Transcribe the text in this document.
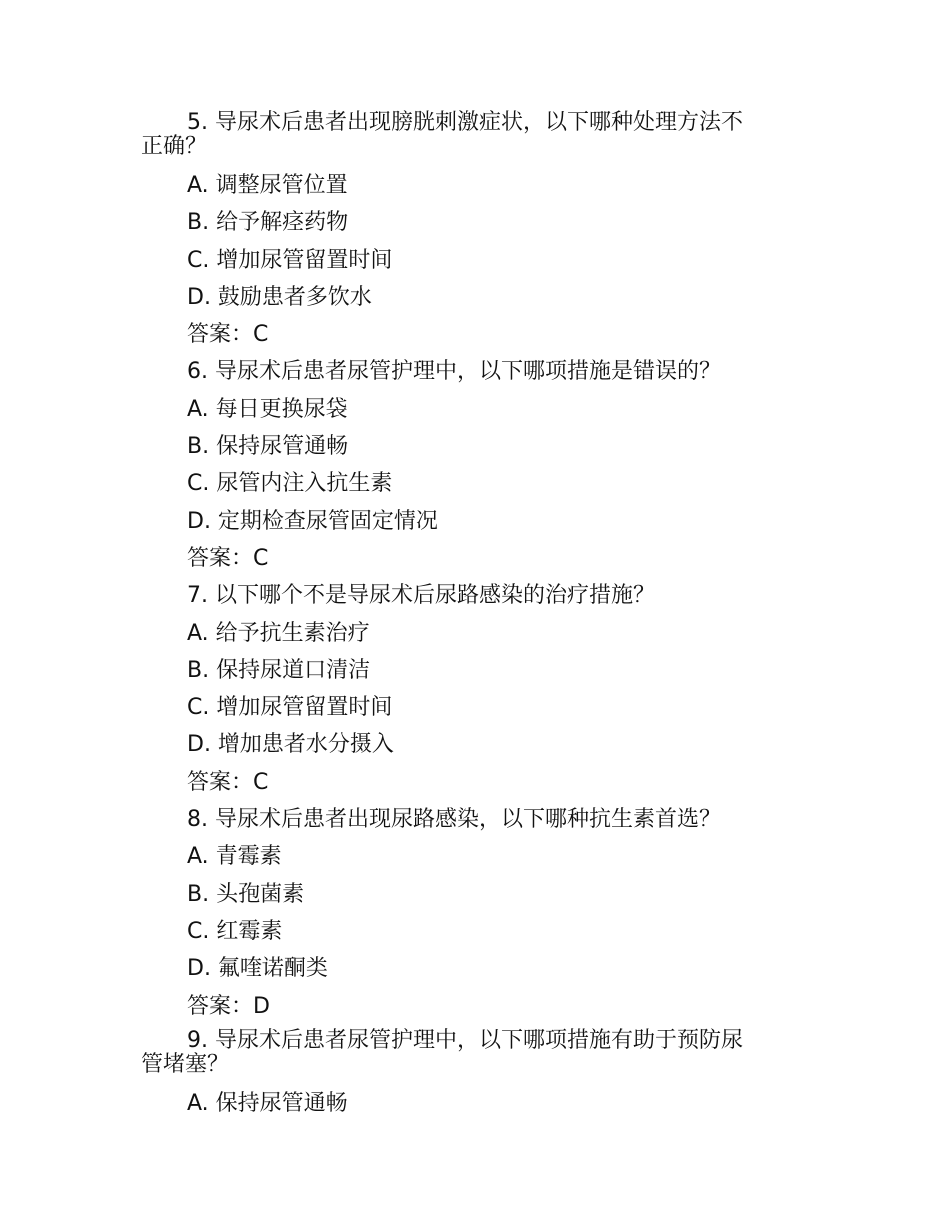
5. 导尿术后患者出现膀胱刺激症状，以下哪种处理方法不
正确？
A. 调整尿管位置
B. 给予解痉药物
C. 增加尿管留置时间
D. 鼓励患者多饮水
答案：C
6. 导尿术后患者尿管护理中，以下哪项措施是错误的？
A. 每日更换尿袋
B. 保持尿管通畅
C. 尿管内注入抗生素
D. 定期检查尿管固定情况
答案：C
7. 以下哪个不是导尿术后尿路感染的治疗措施？
A. 给予抗生素治疗
B. 保持尿道口清洁
C. 增加尿管留置时间
D. 增加患者水分摄入
答案：C
8. 导尿术后患者出现尿路感染，以下哪种抗生素首选？
A. 青霉素
B. 头孢菌素
C. 红霉素
D. 氟喹诺酮类
答案：D
9. 导尿术后患者尿管护理中，以下哪项措施有助于预防尿
管堵塞？
A. 保持尿管通畅
